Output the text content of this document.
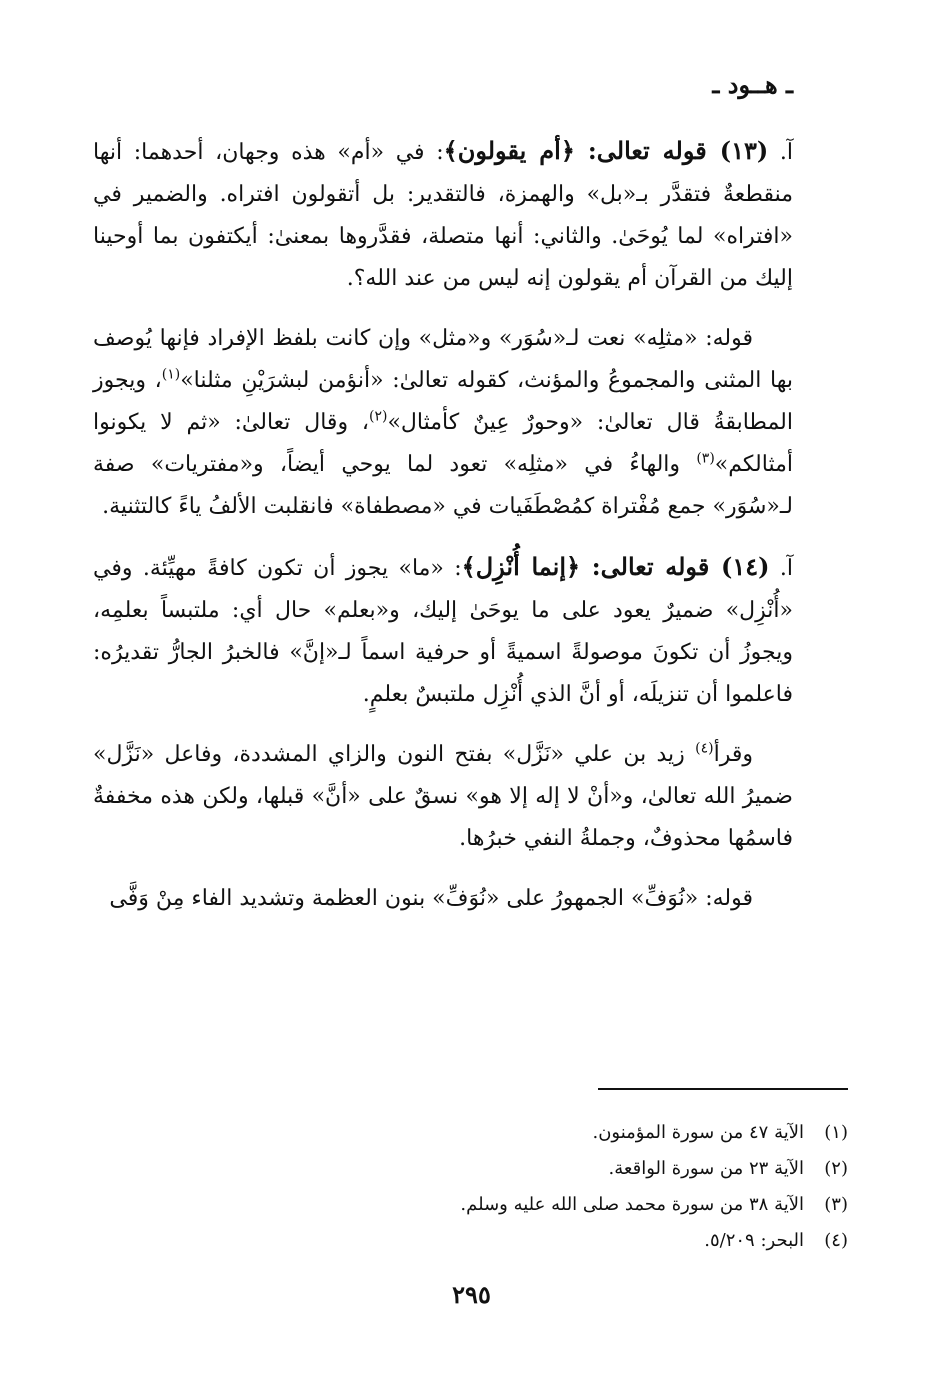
ـ هــود ـ

آ. (١٣) قوله تعالى: ﴿أم يقولون﴾: في «أم» هذه وجهان، أحدهما: أنها منقطعةٌ فتقدَّر بـ«بل» والهمزة، فالتقدير: بل أتقولون افتراه. والضمير في «افتراه» لما يُوحَىٰ. والثاني: أنها متصلة، فقدَّروها بمعنىٰ: أيكتفون بما أوحينا إليك من القرآن أم يقولون إنه ليس من عند الله؟.

قوله: «مثلِه» نعت لـ«سُوَر» و«مثل» وإن كانت بلفظ الإفراد فإنها يُوصف بها المثنى والمجموعُ والمؤنث، كقوله تعالىٰ: «أنؤمن لبشرَيْنِ مثلنا»$^{(١)}$، ويجوز المطابقةُ قال تعالىٰ: «وحورٌ عِينٌ كأمثال»$^{(٢)}$، وقال تعالىٰ: «ثم لا يكونوا أمثالكم»$^{(٣)}$ والهاءُ في «مثلِه» تعود لما يوحي أيضاً، و«مفتريات» صفة لـ«سُوَر» جمع مُفْتراة كمُصْطَفَيات في «مصطفاة» فانقلبت الألفُ ياءً كالتثنية.

آ. (١٤) قوله تعالى: ﴿إنما أُنْزِل﴾: «ما» يجوز أن تكون كافةً مهيِّئة. وفي «أُنْزِل» ضميرٌ يعود على ما يوحَىٰ إليك، و«بعلم» حال أي: ملتبساً بعلمِه، ويجوزُ أن تكونَ موصولةً اسميةً أو حرفية اسماً لـ«إنَّ» فالخبرُ الجارُّ تقديرُه: فاعلموا أن تنزيلَه، أو أنَّ الذي أُنْزِل ملتبسٌ بعلمٍ.

وقرأ$^{(٤)}$ زيد بن علي «نَزَّل» بفتح النون والزاي المشددة، وفاعل «نَزَّل» ضميرُ الله تعالىٰ، و«أنْ لا إله إلا هو» نسقٌ على «أنَّ» قبلها، ولكن هذه مخففةٌ فاسمُها محذوفٌ، وجملةُ النفي خبرُها.

قوله: «نُوَفِّ» الجمهورُ على «نُوَفِّ» بنون العظمة وتشديد الفاء مِنْ وَفَّى

(١)
الآية ٤٧ من سورة المؤمنون.
(٢)
الآية ٢٣ من سورة الواقعة.
(٣)
الآية ٣٨ من سورة محمد صلى الله عليه وسلم.
(٤)
البحر: ٥/٢٠٩.
٢٩٥
